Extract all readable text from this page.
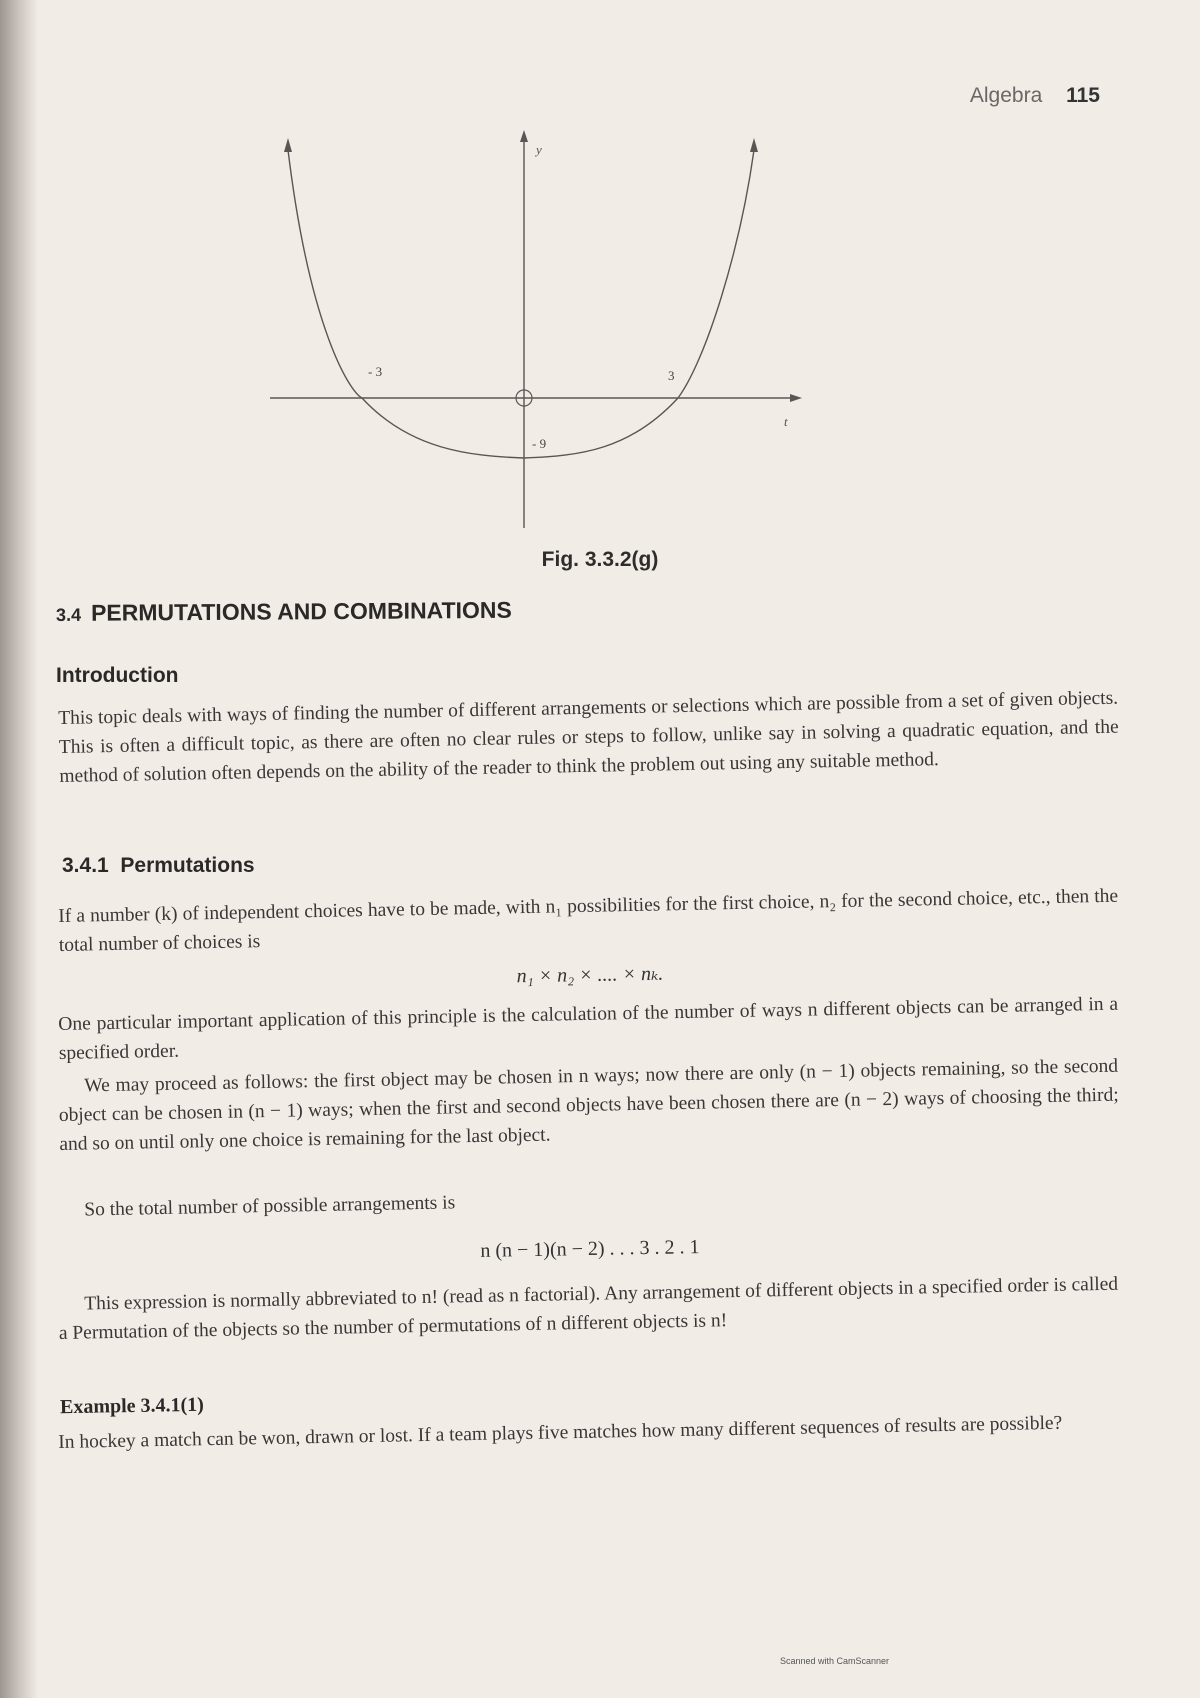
Algebra 115
- 3	3
- 9
y
t
Fig. 3.3.2(g)
3.4 PERMUTATIONS AND COMBINATIONS
Introduction
This topic deals with ways of finding the number of different arrangements or selections which are possible from a set of given objects. This is often a difficult topic, as there are often no clear rules or steps to follow, unlike say in solving a quadratic equation, and the method of solution often depends on the ability of the reader to think the problem out using any suitable method.
3.4.1 Permutations
If a number (k) of independent choices have to be made, with n₁ possibilities for the first choice, n₂ for the second choice, etc., then the total number of choices is
n₁ × n₂ × .... × nₖ.
One particular important application of this principle is the calculation of the number of ways n different objects can be arranged in a specified order.
We may proceed as follows: the first object may be chosen in n ways; now there are only (n − 1) objects remaining, so the second object can be chosen in (n − 1) ways; when the first and second objects have been chosen there are (n − 2) ways of choosing the third; and so on until only one choice is remaining for the last object.
So the total number of possible arrangements is
n (n − 1)(n − 2) . . . 3 . 2 . 1
This expression is normally abbreviated to n! (read as n factorial). Any arrangement of different objects in a specified order is called a Permutation of the objects so the number of permutations of n different objects is n!
Example 3.4.1(1)
In hockey a match can be won, drawn or lost. If a team plays five matches how many different sequences of results are possible?
Scanned with CamScanner
